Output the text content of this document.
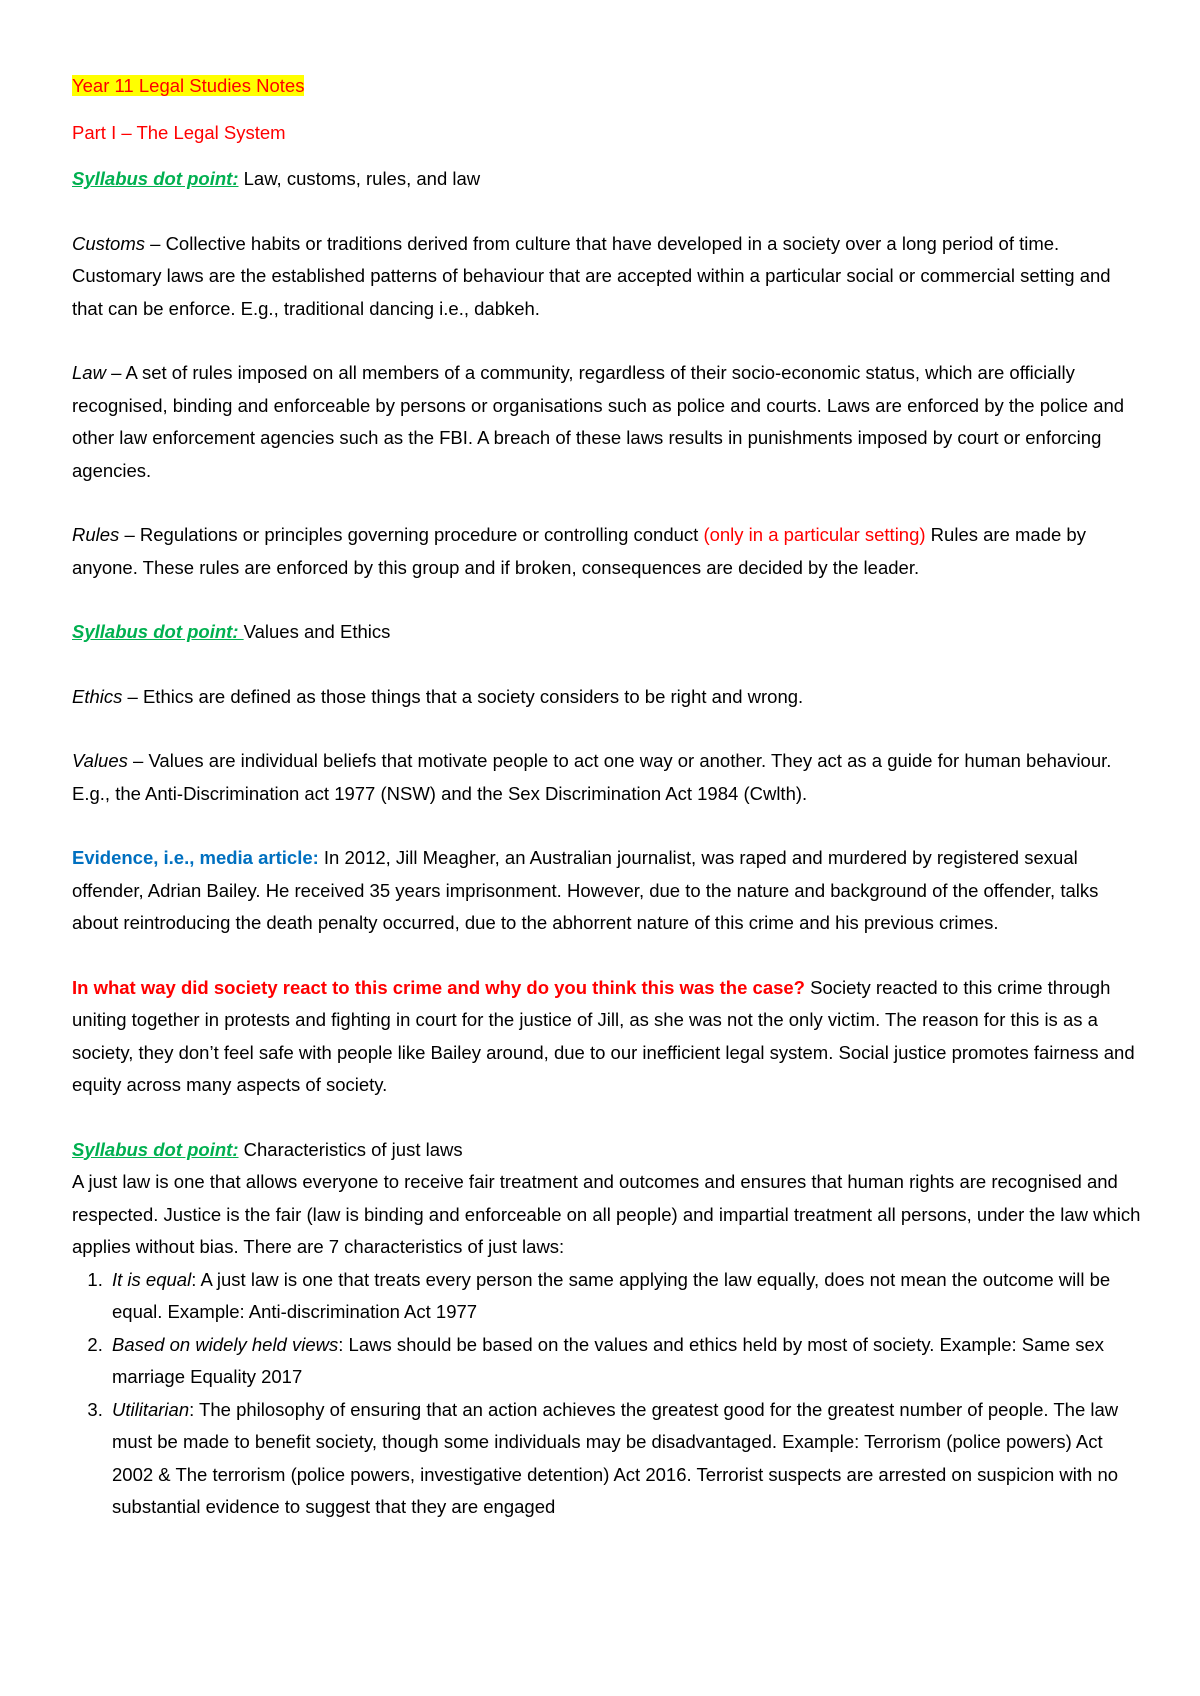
Year 11 Legal Studies Notes

Part I – The Legal System

Syllabus dot point: Law, customs, rules, and law

Customs – Collective habits or traditions derived from culture that have developed in a society over a long period of time. Customary laws are the established patterns of behaviour that are accepted within a particular social or commercial setting and that can be enforce. E.g., traditional dancing i.e., dabkeh.

Law – A set of rules imposed on all members of a community, regardless of their socio-economic status, which are officially recognised, binding and enforceable by persons or organisations such as police and courts. Laws are enforced by the police and other law enforcement agencies such as the FBI. A breach of these laws results in punishments imposed by court or enforcing agencies.

Rules – Regulations or principles governing procedure or controlling conduct (only in a particular setting) Rules are made by anyone. These rules are enforced by this group and if broken, consequences are decided by the leader.

Syllabus dot point: Values and Ethics

Ethics – Ethics are defined as those things that a society considers to be right and wrong.

Values – Values are individual beliefs that motivate people to act one way or another. They act as a guide for human behaviour. E.g., the Anti-Discrimination act 1977 (NSW) and the Sex Discrimination Act 1984 (Cwlth).

Evidence, i.e., media article: In 2012, Jill Meagher, an Australian journalist, was raped and murdered by registered sexual offender, Adrian Bailey. He received 35 years imprisonment. However, due to the nature and background of the offender, talks about reintroducing the death penalty occurred, due to the abhorrent nature of this crime and his previous crimes.

In what way did society react to this crime and why do you think this was the case? Society reacted to this crime through uniting together in protests and fighting in court for the justice of Jill, as she was not the only victim. The reason for this is as a society, they don’t feel safe with people like Bailey around, due to our inefficient legal system. Social justice promotes fairness and equity across many aspects of society.

Syllabus dot point: Characteristics of just laws

A just law is one that allows everyone to receive fair treatment and outcomes and ensures that human rights are recognised and respected. Justice is the fair (law is binding and enforceable on all people) and impartial treatment all persons, under the law which applies without bias. There are 7 characteristics of just laws:

1. It is equal: A just law is one that treats every person the same applying the law equally, does not mean the outcome will be equal. Example: Anti-discrimination Act 1977
2. Based on widely held views: Laws should be based on the values and ethics held by most of society. Example: Same sex marriage Equality 2017
3. Utilitarian: The philosophy of ensuring that an action achieves the greatest good for the greatest number of people. The law must be made to benefit society, though some individuals may be disadvantaged. Example: Terrorism (police powers) Act 2002 & The terrorism (police powers, investigative detention) Act 2016. Terrorist suspects are arrested on suspicion with no substantial evidence to suggest that they are engaged
